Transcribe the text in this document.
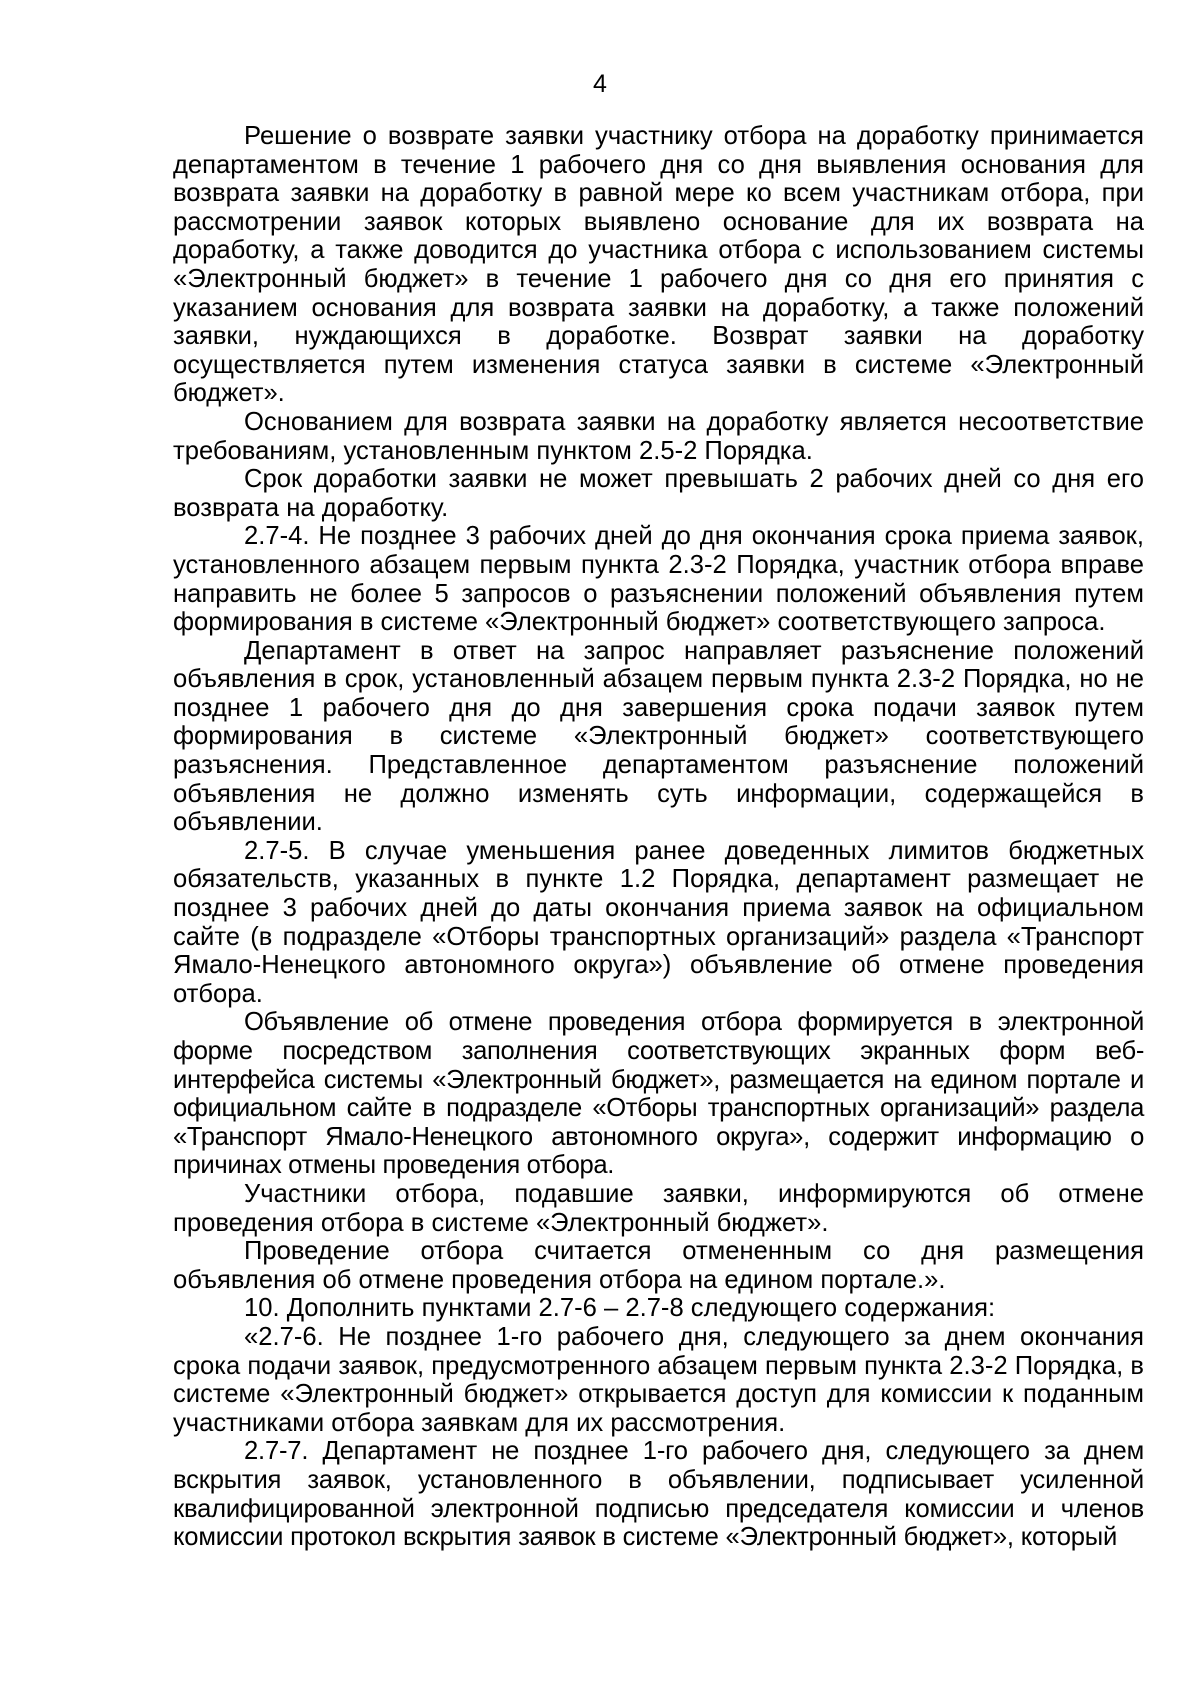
4

Решение о возврате заявки участнику отбора на доработку принимается департаментом в течение 1 рабочего дня со дня выявления основания для возврата заявки на доработку в равной мере ко всем участникам отбора, при рассмотрении заявок которых выявлено основание для их возврата на доработку, а также доводится до участника отбора с использованием системы «Электронный бюджет» в течение 1 рабочего дня со дня его принятия с указанием основания для возврата заявки на доработку, а также положений заявки, нуждающихся в доработке. Возврат заявки на доработку осуществляется путем изменения статуса заявки в системе «Электронный бюджет».

Основанием для возврата заявки на доработку является несоответствие требованиям, установленным пунктом 2.5-2 Порядка.

Срок доработки заявки не может превышать 2 рабочих дней со дня его возврата на доработку.

2.7-4. Не позднее 3 рабочих дней до дня окончания срока приема заявок, установленного абзацем первым пункта 2.3-2 Порядка, участник отбора вправе направить не более 5 запросов о разъяснении положений объявления путем формирования в системе «Электронный бюджет» соответствующего запроса.

Департамент в ответ на запрос направляет разъяснение положений объявления в срок, установленный абзацем первым пункта 2.3-2 Порядка, но не позднее 1 рабочего дня до дня завершения срока подачи заявок путем формирования в системе «Электронный бюджет» соответствующего разъяснения. Представленное департаментом разъяснение положений объявления не должно изменять суть информации, содержащейся в объявлении.

2.7-5. В случае уменьшения ранее доведенных лимитов бюджетных обязательств, указанных в пункте 1.2 Порядка, департамент размещает не позднее 3 рабочих дней до даты окончания приема заявок на официальном сайте (в подразделе «Отборы транспортных организаций» раздела «Транспорт Ямало-Ненецкого автономного округа») объявление об отмене проведения отбора.

Объявление об отмене проведения отбора формируется в электронной форме посредством заполнения соответствующих экранных форм веб-интерфейса системы «Электронный бюджет», размещается на едином портале и официальном сайте в подразделе «Отборы транспортных организаций» раздела «Транспорт Ямало-Ненецкого автономного округа», содержит информацию о причинах отмены проведения отбора.

Участники отбора, подавшие заявки, информируются об отмене проведения отбора в системе «Электронный бюджет».

Проведение отбора считается отмененным со дня размещения объявления об отмене проведения отбора на едином портале.».

10. Дополнить пунктами 2.7-6 – 2.7-8 следующего содержания:

«2.7-6. Не позднее 1-го рабочего дня, следующего за днем окончания срока подачи заявок, предусмотренного абзацем первым пункта 2.3-2 Порядка, в системе «Электронный бюджет» открывается доступ для комиссии к поданным участниками отбора заявкам для их рассмотрения.

2.7-7. Департамент не позднее 1-го рабочего дня, следующего за днем вскрытия заявок, установленного в объявлении, подписывает усиленной квалифицированной электронной подписью председателя комиссии и членов комиссии протокол вскрытия заявок в системе «Электронный бюджет», который
